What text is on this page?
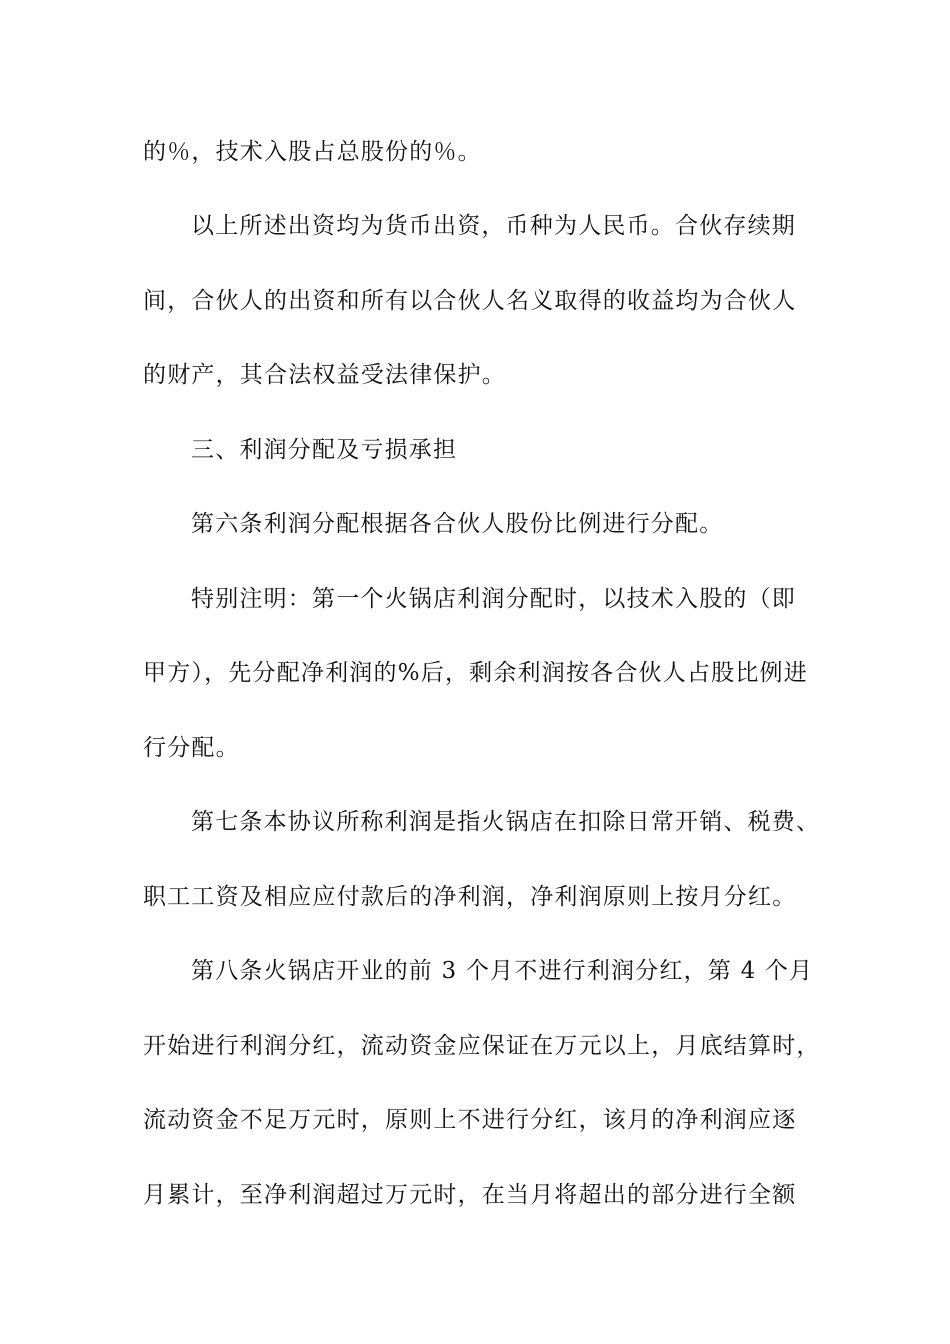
的％，技术入股占总股份的％。
以上所述出资均为货币出资，币种为人民币。合伙存续期
间，合伙人的出资和所有以合伙人名义取得的收益均为合伙人
的财产，其合法权益受法律保护。
三、利润分配及亏损承担
第六条利润分配根据各合伙人股份比例进行分配。
特别注明：第一个火锅店利润分配时，以技术入股的（即
甲方），先分配净利润的%后，剩余利润按各合伙人占股比例进
行分配。
第七条本协议所称利润是指火锅店在扣除日常开销、税费、
职工工资及相应应付款后的净利润，净利润原则上按月分红。
第八条火锅店开业的前 3 个月不进行利润分红，第 4 个月
开始进行利润分红，流动资金应保证在万元以上，月底结算时，
流动资金不足万元时，原则上不进行分红，该月的净利润应逐
月累计，至净利润超过万元时，在当月将超出的部分进行全额
